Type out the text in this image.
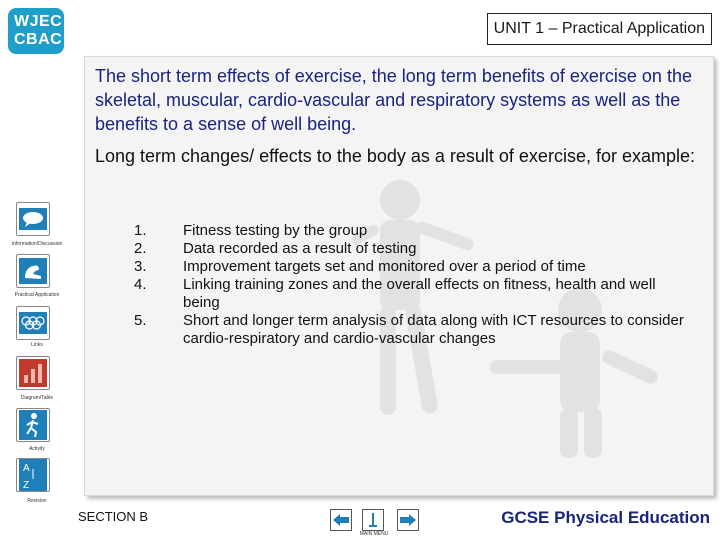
WJEC
CBAC
UNIT 1 – Practical Application
The short term effects of exercise, the long term benefits of exercise on the skeletal, muscular, cardio-vascular and respiratory systems as well as the benefits to a sense of well being.
Long term changes/ effects to the body as a result of exercise, for example:
1.	Fitness testing by the group
2.	Data recorded as a result of testing
3.	Improvement targets set and monitored over a period of time
4.	Linking training zones and the overall effects on fitness, health and well being
5.	Short and longer term analysis of data along with ICT resources to consider cardio-respiratory and cardio-vascular changes
Information/Discussion
Practical Application
Links
Diagram/Table
Activity
A
Z
Revision
SECTION B
MAIN MENU
GCSE Physical Education
